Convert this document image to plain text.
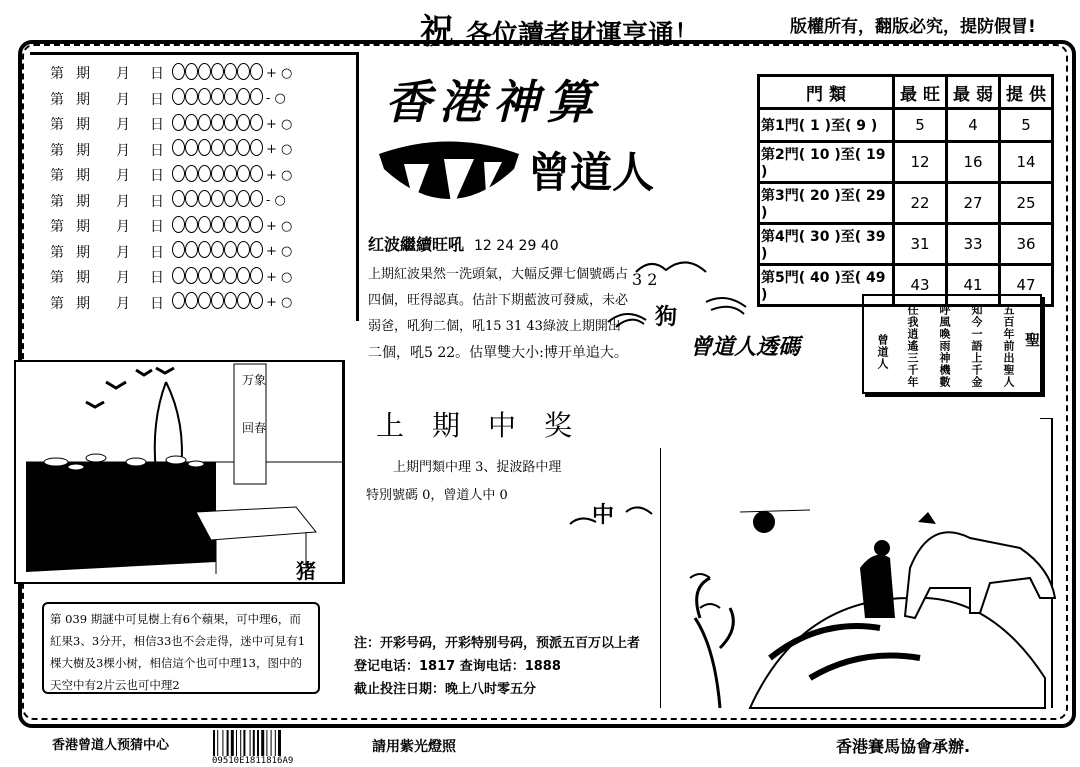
祝 各位讀者財運亨通！	版權所有，翻版必究，提防假冒!
第 期	月	日	+ ○
第 期	月	日	- ○
第 期	月	日	+ ○
第 期	月	日	+ ○
第 期	月	日	+ ○
第 期	月	日	- ○
第 期	月	日	+ ○
第 期	月	日	+ ○
第 期	月	日	+ ○
第 期	月	日	+ ○
香港神算
曾道人
红波繼續旺吼 12 24 29 40
上期紅波果然一洗頭氣，大幅反彈七個號碼占
四個，旺得認真。估計下期藍波可發威，未必
弱爸，吼狗二個，吼15 31 43綠波上期開出
二個，吼5 22。估單雙大小:博开单追大。
門 類	最 旺	最 弱	提 供
第1門( 1 )至( 9 )	5	4	5
第2門( 10 )至( 19 )	12	16	14
第3門( 20 )至( 29 )	22	27	25
第4門( 30 )至( 39 )	31	33	36
第5門( 40 )至( 49 )	43	41	47
3 2
狗
曾道人透碼	五百年前出聖人
知今一語上千金
呼風喚雨神機數
任我逍遙三千年
曾道人	聖
万象
回春
猪
上期中奖
上期門類中理 3、捉波路中理
特別號碼 0，曾道人中 0
中
第 039 期謎中可見樹上有6个蘋果，可中理6，而紅果3、3分开，相信33也不会走得，迷中可見有1棵大樹及3棵小树，相信這个也可中理13，图中的天空中有2片云也可中理2
注：开彩号码，开彩特别号码，预派五百万以上者
登记电话：1817 查询电话：1888
截止投注日期：晚上八时零五分
香港曾道人预猜中心
09510E1811816A9
請用紫光燈照	香港賽馬協會承辦.
